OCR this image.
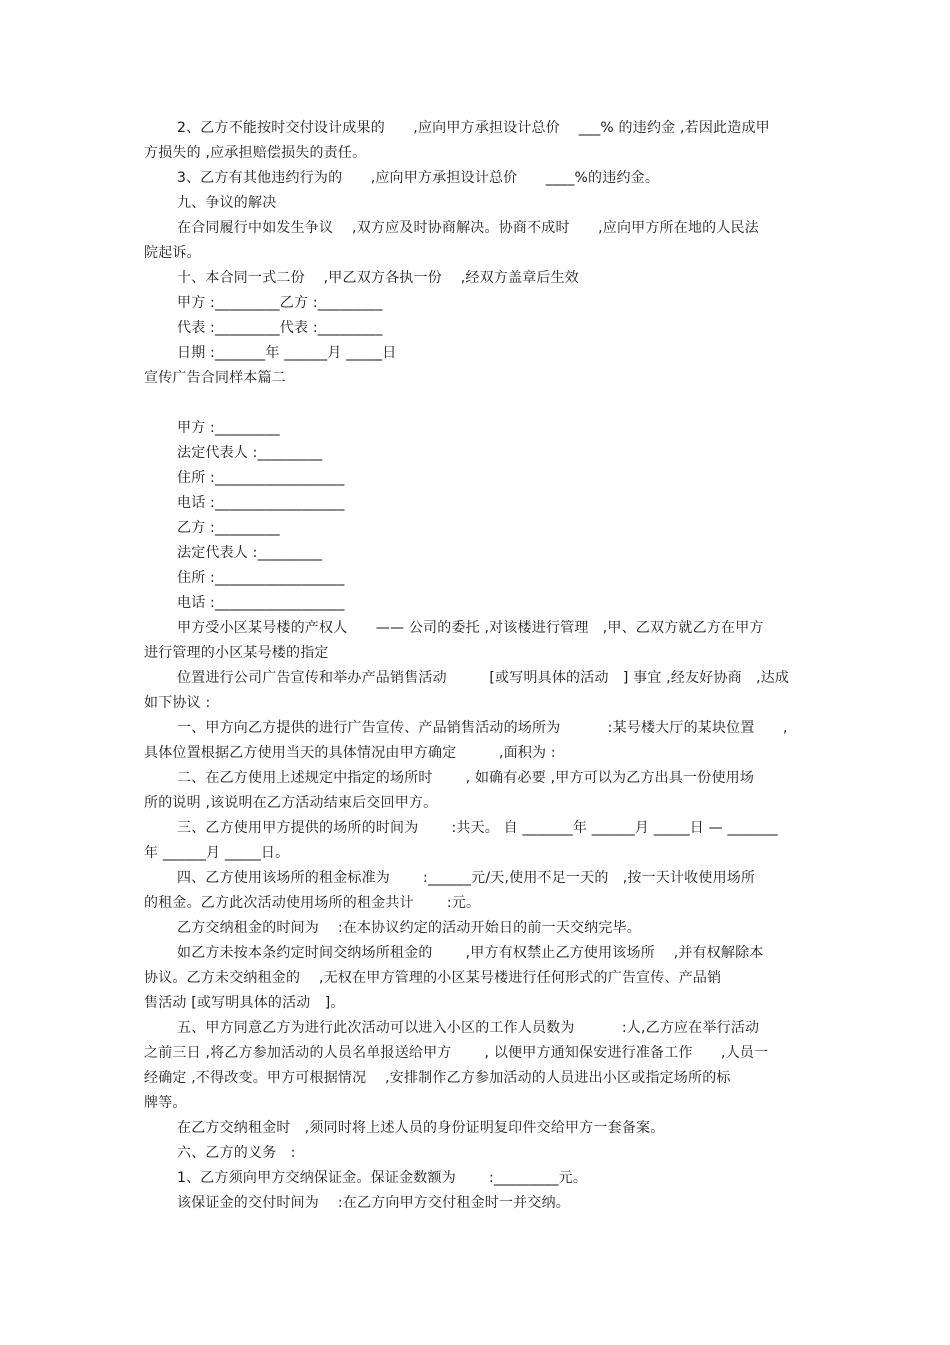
2、乙方不能按时交付设计成果的　　,应向甲方承担设计总价　 ___% 的违约金 ,若因此造成甲
方损失的 ,应承担赔偿损失的责任。
3、乙方有其他违约行为的　　,应向甲方承担设计总价　　____%的违约金。
九、争议的解决
在合同履行中如发生争议　 ,双方应及时协商解决。协商不成时　　,应向甲方所在地的人民法
院起诉。
十、本合同一式二份　 ,甲乙双方各执一份　 ,经双方盖章后生效
甲方 :_________乙方 :_________
代表 :_________代表 :_________
日期 :_______年 ______月 _____日
宣传广告合同样本篇二
甲方 :_________
法定代表人 :_________
住所 :__________________
电话 :__________________
乙方 :_________
法定代表人 :_________
住所 :__________________
电话 :__________________
甲方受小区某号楼的产权人　　—— 公司的委托 ,对该楼进行管理　,甲、乙双方就乙方在甲方
进行管理的小区某号楼的指定
位置进行公司广告宣传和举办产品销售活动　　　[或写明具体的活动　] 事宜 ,经友好协商　,达成
如下协议 :
一、甲方向乙方提供的进行广告宣传、产品销售活动的场所为　　　 :某号楼大厅的某块位置　　,
具体位置根据乙方使用当天的具体情况由甲方确定　　　,面积为 :
二、在乙方使用上述规定中指定的场所时　　 , 如确有必要 ,甲方可以为乙方出具一份使用场
所的说明 ,该说明在乙方活动结束后交回甲方。
三、乙方使用甲方提供的场所的时间为　　 :共天。 自 _______年 ______月 _____日 — _______
年 ______月 _____日。
四、乙方使用该场所的租金标准为　　 :______元/天,使用不足一天的　,按一天计收使用场所
的租金。乙方此次活动使用场所的租金共计　　 :元。
乙方交纳租金的时间为　 :在本协议约定的活动开始日的前一天交纳完毕。
如乙方未按本条约定时间交纳场所租金的　　 ,甲方有权禁止乙方使用该场所　 ,并有权解除本
协议。乙方未交纳租金的　 ,无权在甲方管理的小区某号楼进行任何形式的广告宣传、产品销
售活动 [或写明具体的活动　]。
五、甲方同意乙方为进行此次活动可以进入小区的工作人员数为　　　 :人,乙方应在举行活动
之前三日 ,将乙方参加活动的人员名单报送给甲方　　 , 以便甲方通知保安进行准备工作　　,人员一
经确定 ,不得改变。甲方可根据情况　 ,安排制作乙方参加活动的人员进出小区或指定场所的标
牌等。
在乙方交纳租金时　,须同时将上述人员的身份证明复印件交给甲方一套备案。
六、乙方的义务　:
1、乙方须向甲方交纳保证金。保证金数额为　　 :_________元。
该保证金的交付时间为　 :在乙方向甲方交付租金时一并交纳。
